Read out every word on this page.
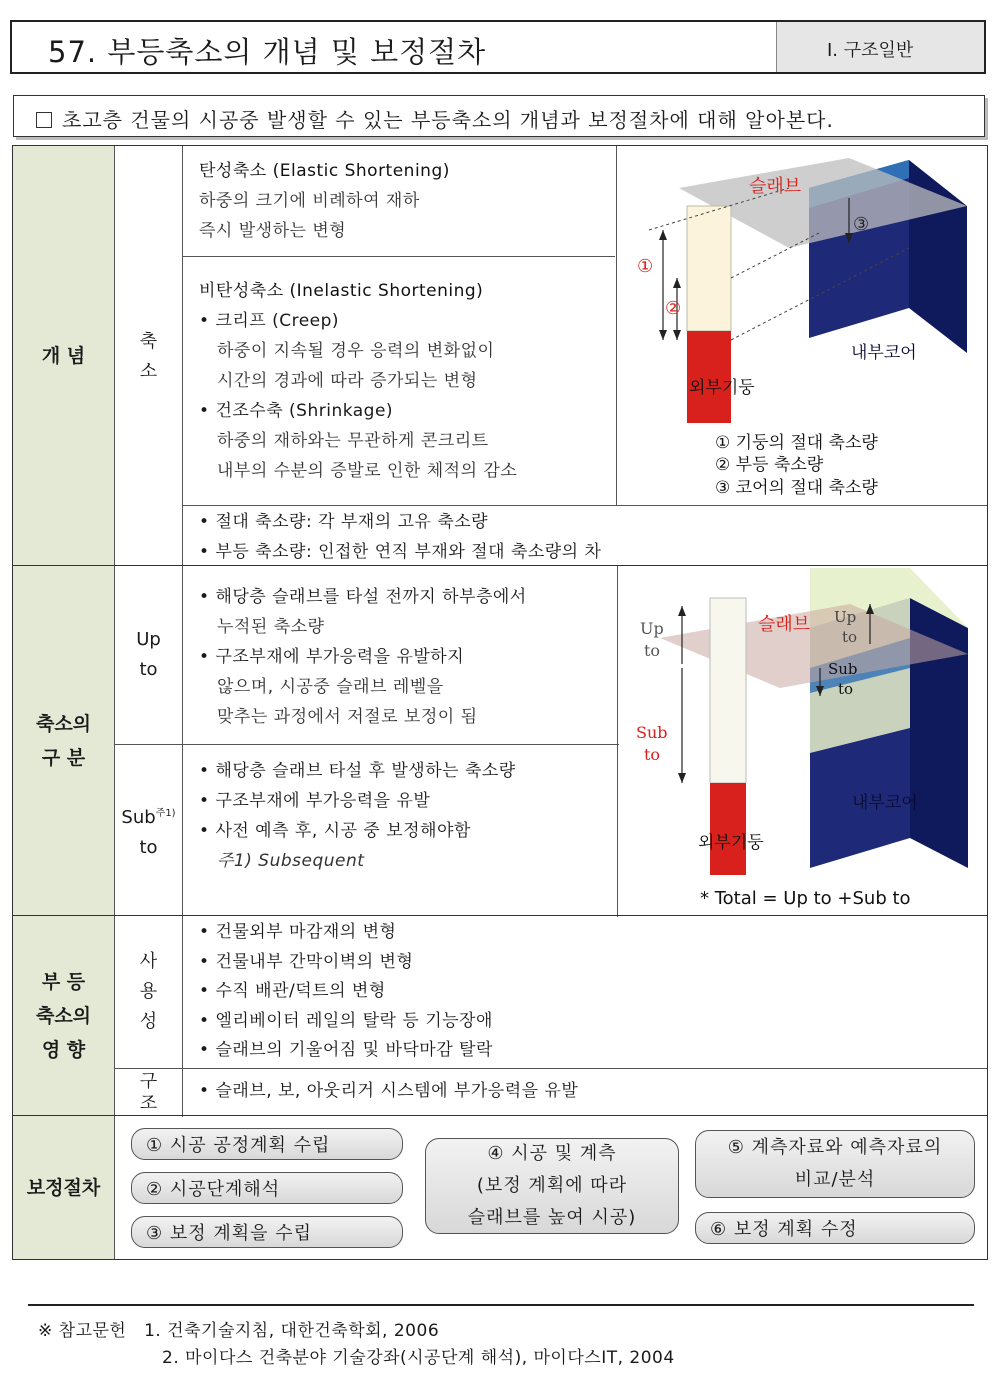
57. 부등축소의 개념 및 보정절차	Ⅰ. 구조일반
초고층 건물의 시공중 발생할 수 있는 부등축소의 개념과 보정절차에 대해 알아본다.
개 념
축
소
탄성축소 (Elastic Shortening)
하중의 크기에 비례하여 재하
즉시 발생하는 변형
비탄성축소 (Inelastic Shortening)
• 크리프 (Creep)
하중이 지속될 경우 응력의 변화없이
시간의 경과에 따라 증가되는 변형
• 건조수축 (Shrinkage)
하중의 재하와는 무관하게 콘크리트
내부의 수분의 증발로 인한 체적의 감소
• 절대 축소량: 각 부재의 고유 축소량
• 부등 축소량: 인접한 연직 부재와 절대 축소량의 차
슬래브
내부코어
외부기둥
①
②
③
① 기둥의 절대 축소량
② 부등 축소량
③ 코어의 절대 축소량
축소의
구 분
Up
to
Sub$^{주1)}$
to
• 해당층 슬래브를 타설 전까지 하부층에서
누적된 축소량
• 구조부재에 부가응력을 유발하지
않으며, 시공중 슬래브 레벨을
맞추는 과정에서 저절로 보정이 됨
• 해당층 슬래브 타설 후 발생하는 축소량
• 구조부재에 부가응력을 유발
• 사전 예측 후, 시공 중 보정해야함
주1) Subsequent
슬래브
내부코어
외부기둥
Up
to
Sub
to
Up
to
Sub
to
* Total = Up to +Sub to
부 등
축소의
영 향
사
용
성
구
조
• 건물외부 마감재의 변형
• 건물내부 간막이벽의 변형
• 수직 배관/덕트의 변형
• 엘리베이터 레일의 탈락 등 기능장애
• 슬래브의 기울어짐 및 바닥마감 탈락
• 슬래브, 보, 아웃리거 시스템에 부가응력을 유발
보정절차
① 시공 공정계획 수립
② 시공단계해석
③ 보정 계획을 수립
④ 시공 및 계측
(보정 계획에 따라
슬래브를 높여 시공)
⑤ 계측자료와 예측자료의
비교/분석
⑥ 보정 계획 수정
※ 참고문헌 1. 건축기술지침, 대한건축학회, 2006
2. 마이다스 건축분야 기술강좌(시공단계 해석), 마이다스IT, 2004
